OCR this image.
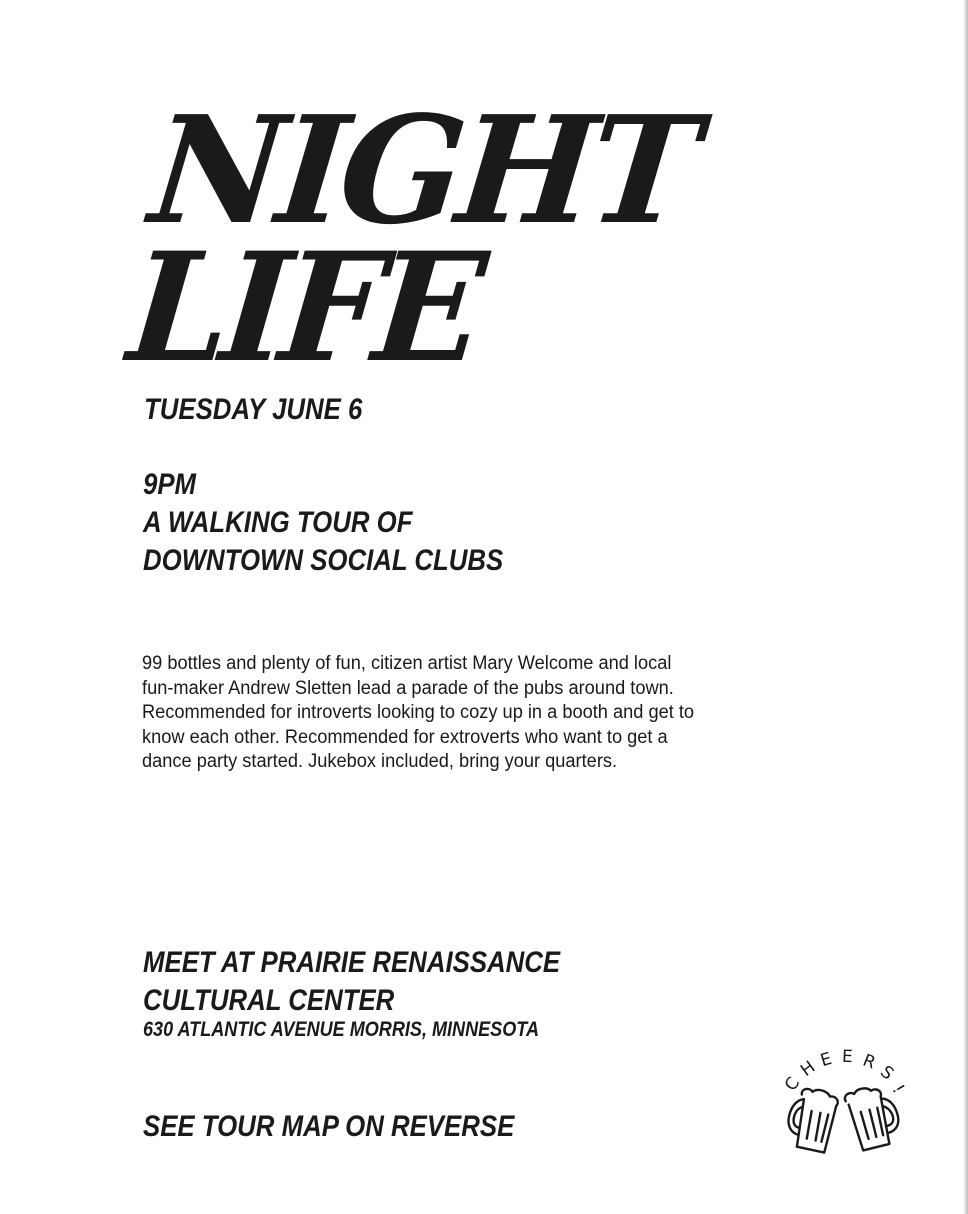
NIGHT
LIFE
TUESDAY JUNE 6
9PM
A WALKING TOUR OF
DOWNTOWN SOCIAL CLUBS
99 bottles and plenty of fun, citizen artist Mary Welcome and local
fun-maker Andrew Sletten lead a parade of the pubs around town.
Recommended for introverts looking to cozy up in a booth and get to
know each other. Recommended for extroverts who want to get a
dance party started. Jukebox included, bring your quarters.
MEET AT PRAIRIE RENAISSANCE
CULTURAL CENTER
630 ATLANTIC AVENUE MORRIS, MINNESOTA
SEE TOUR MAP ON REVERSE
C
H E E R
S
!
